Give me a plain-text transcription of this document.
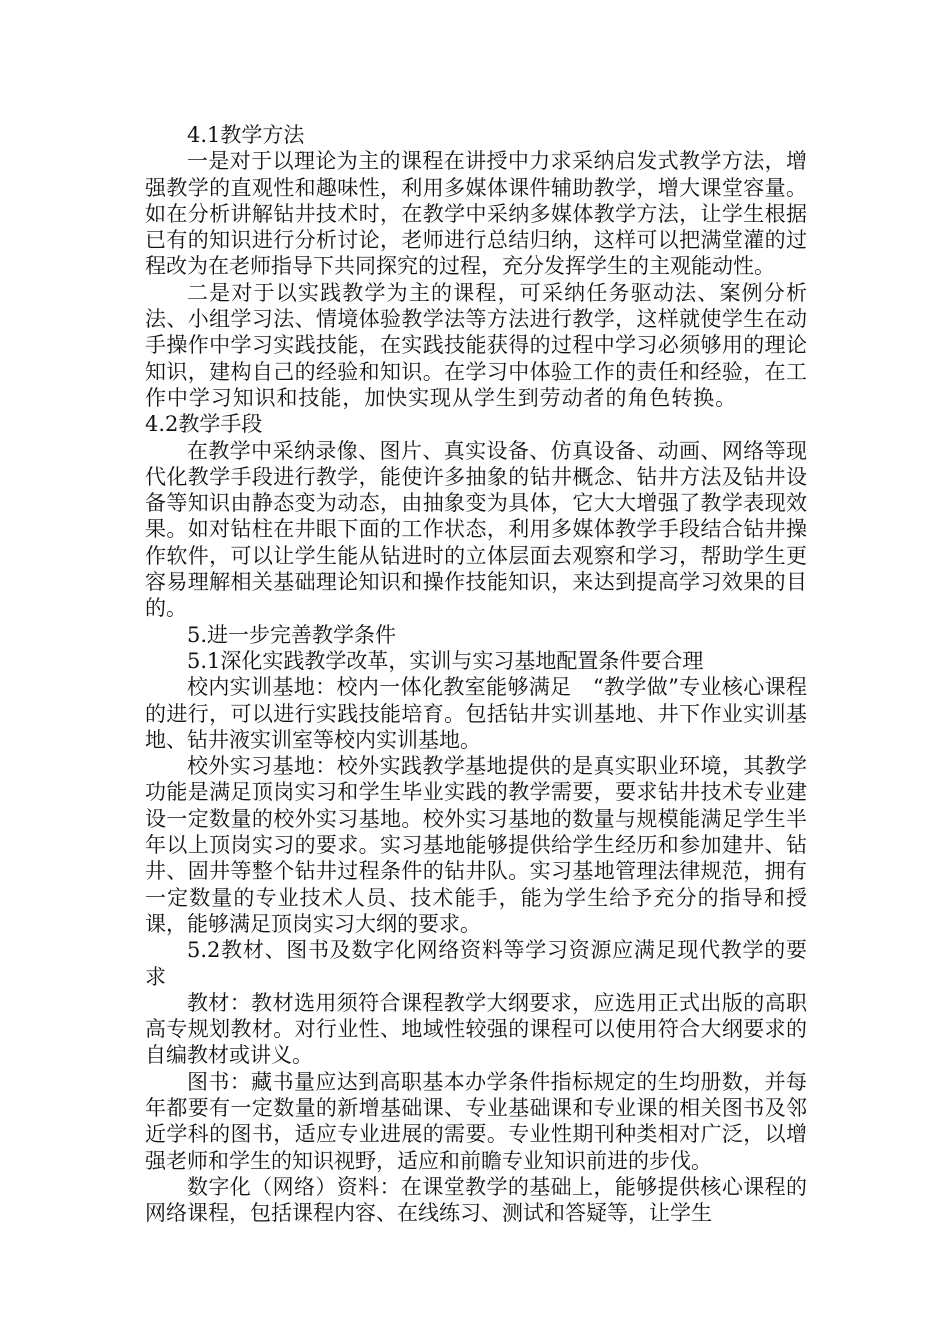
4.1教学方法

一是对于以理论为主的课程在讲授中力求采纳启发式教学方法，增强教学的直观性和趣味性，利用多媒体课件辅助教学，增大课堂容量。如在分析讲解钻井技术时，在教学中采纳多媒体教学方法，让学生根据已有的知识进行分析讨论，老师进行总结归纳，这样可以把满堂灌的过程改为在老师指导下共同探究的过程，充分发挥学生的主观能动性。

二是对于以实践教学为主的课程，可采纳任务驱动法、案例分析法、小组学习法、情境体验教学法等方法进行教学，这样就使学生在动手操作中学习实践技能，在实践技能获得的过程中学习必须够用的理论知识，建构自己的经验和知识。在学习中体验工作的责任和经验，在工作中学习知识和技能，加快实现从学生到劳动者的角色转换。4.2教学手段

在教学中采纳录像、图片、真实设备、仿真设备、动画、网络等现代化教学手段进行教学，能使许多抽象的钻井概念、钻井方法及钻井设备等知识由静态变为动态，由抽象变为具体，它大大增强了教学表现效果。如对钻柱在井眼下面的工作状态，利用多媒体教学手段结合钻井操作软件，可以让学生能从钻进时的立体层面去观察和学习，帮助学生更容易理解相关基础理论知识和操作技能知识，来达到提高学习效果的目的。

5.进一步完善教学条件

5.1深化实践教学改革，实训与实习基地配置条件要合理

校内实训基地：校内一体化教室能够满足　“教学做”专业核心课程的进行，可以进行实践技能培育。包括钻井实训基地、井下作业实训基地、钻井液实训室等校内实训基地。

校外实习基地：校外实践教学基地提供的是真实职业环境，其教学功能是满足顶岗实习和学生毕业实践的教学需要，要求钻井技术专业建设一定数量的校外实习基地。校外实习基地的数量与规模能满足学生半年以上顶岗实习的要求。实习基地能够提供给学生经历和参加建井、钻井、固井等整个钻井过程条件的钻井队。实习基地管理法律规范，拥有一定数量的专业技术人员、技术能手，能为学生给予充分的指导和授课，能够满足顶岗实习大纲的要求。

5.2教材、图书及数字化网络资料等学习资源应满足现代教学的要求

教材：教材选用须符合课程教学大纲要求，应选用正式出版的高职高专规划教材。对行业性、地域性较强的课程可以使用符合大纲要求的自编教材或讲义。

图书：藏书量应达到高职基本办学条件指标规定的生均册数，并每年都要有一定数量的新增基础课、专业基础课和专业课的相关图书及邻近学科的图书，适应专业进展的需要。专业性期刊种类相对广泛，以增强老师和学生的知识视野，适应和前瞻专业知识前进的步伐。

数字化（网络）资料：在课堂教学的基础上，能够提供核心课程的网络课程，包括课程内容、在线练习、测试和答疑等，让学生
